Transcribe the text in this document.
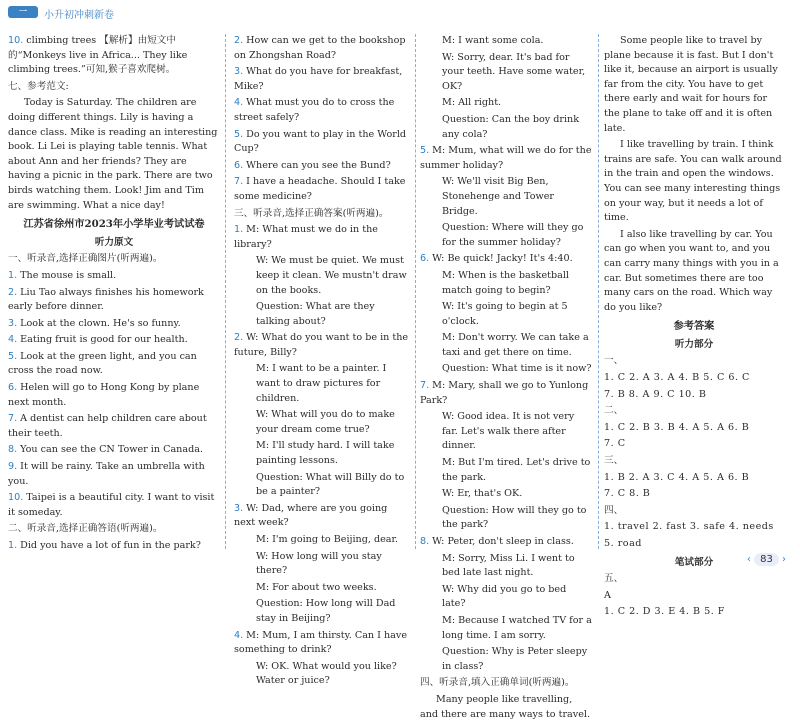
一	小升初冲刺新卷
10. climbing trees 【解析】由短文中的“Monkeys live in Africa... They like climbing trees.”可知,猴子喜欢爬树。
七、参考范文:
Today is Saturday. The children are doing different things. Lily is having a dance class. Mike is reading an interesting book. Li Lei is playing table tennis. What about Ann and her friends? They are having a picnic in the park. There are two birds watching them. Look! Jim and Tim are swimming. What a nice day!
江苏省徐州市2023年小学毕业考试试卷
听力原文
一、听录音,选择正确图片(听两遍)。
1. The mouse is small.
2. Liu Tao always finishes his homework early before dinner.
3. Look at the clown. He's so funny.
4. Eating fruit is good for our health.
5. Look at the green light, and you can cross the road now.
6. Helen will go to Hong Kong by plane next month.
7. A dentist can help children care about their teeth.
8. You can see the CN Tower in Canada.
9. It will be rainy. Take an umbrella with you.
10. Taipei is a beautiful city. I want to visit it someday.
二、听录音,选择正确答语(听两遍)。
1. Did you have a lot of fun in the park?
2. How can we get to the bookshop on Zhongshan Road?
3. What do you have for breakfast, Mike?
4. What must you do to cross the street safely?
5. Do you want to play in the World Cup?
6. Where can you see the Bund?
7. I have a headache. Should I take some medicine?
三、听录音,选择正确答案(听两遍)。
1. M: What must we do in the library?
W: We must be quiet. We must keep it clean. We mustn't draw on the books.
Question: What are they talking about?
2. W: What do you want to be in the future, Billy?
M: I want to be a painter. I want to draw pictures for children.
W: What will you do to make your dream come true?
M: I'll study hard. I will take painting lessons.
Question: What will Billy do to be a painter?
3. W: Dad, where are you going next week?
M: I'm going to Beijing, dear.
W: How long will you stay there?
M: For about two weeks.
Question: How long will Dad stay in Beijing?
4. M: Mum, I am thirsty. Can I have something to drink?
W: OK. What would you like? Water or juice?
M: I want some cola.
W: Sorry, dear. It's bad for your teeth. Have some water, OK?
M: All right.
Question: Can the boy drink any cola?
5. M: Mum, what will we do for the summer holiday?
W: We'll visit Big Ben, Stonehenge and Tower Bridge.
Question: Where will they go for the summer holiday?
6. W: Be quick! Jacky! It's 4:40.
M: When is the basketball match going to begin?
W: It's going to begin at 5 o'clock.
M: Don't worry. We can take a taxi and get there on time.
Question: What time is it now?
7. M: Mary, shall we go to Yunlong Park?
W: Good idea. It is not very far. Let's walk there after dinner.
M: But I'm tired. Let's drive to the park.
W: Er, that's OK.
Question: How will they go to the park?
8. W: Peter, don't sleep in class.
M: Sorry, Miss Li. I went to bed late last night.
W: Why did you go to bed late?
M: Because I watched TV for a long time. I am sorry.
Question: Why is Peter sleepy in class?
四、听录音,填入正确单词(听两遍)。
Many people like travelling, and there are many ways to travel.
Some people like to travel by plane because it is fast. But I don't like it, because an airport is usually far from the city. You have to get there early and wait for hours for the plane to take off and it is often late.
I like travelling by train. I think trains are safe. You can walk around in the train and open the windows. You can see many interesting things on your way, but it needs a lot of time.
I also like travelling by car. You can go when you want to, and you can carry many things with you in a car. But sometimes there are too many cars on the road. Which way do you like?
参考答案
听力部分
一、
1. C 2. A 3. A 4. B 5. C 6. C
7. B 8. A 9. C 10. B
二、
1. C 2. B 3. B 4. A 5. A 6. B
7. C
三、
1. B 2. A 3. C 4. A 5. A 6. B
7. C 8. B
四、
1. travel 2. fast 3. safe 4. needs
5. road
笔试部分
五、
A
1. C 2. D 3. E 4. B 5. F
‹ 83 ›
